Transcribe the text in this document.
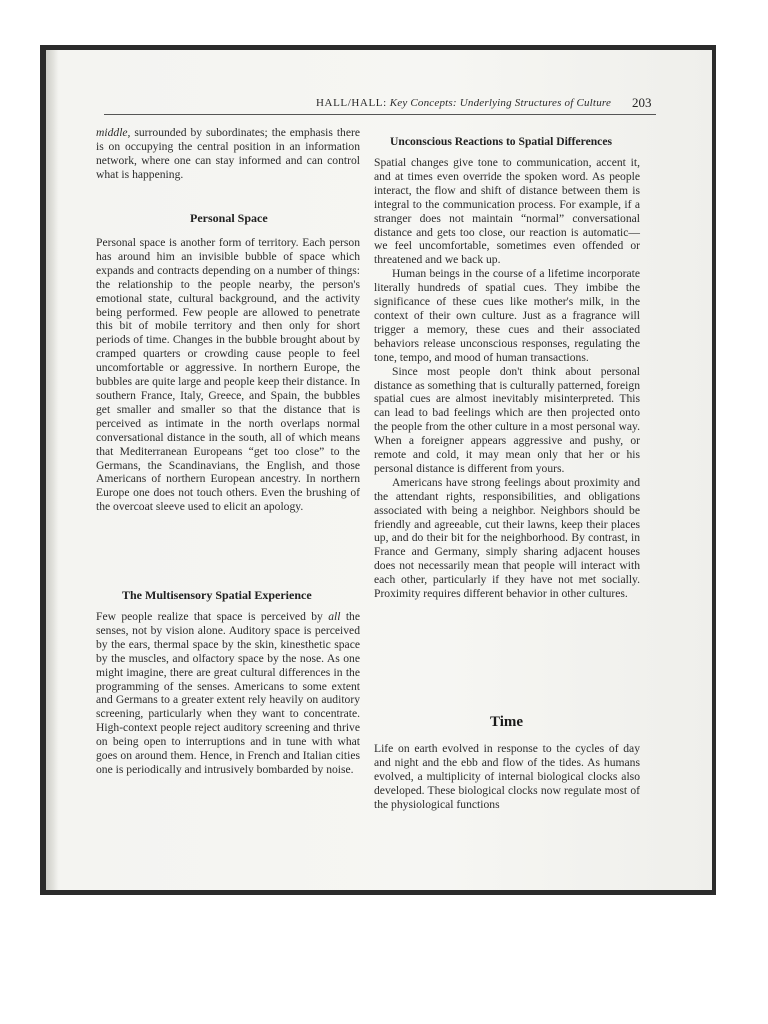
HALL/HALL: Key Concepts: Underlying Structures of Culture 203

middle, surrounded by subordinates; the emphasis there is on occupying the central position in an information network, where one can stay informed and can control what is happening.

Personal Space

Personal space is another form of territory. Each person has around him an invisible bubble of space which expands and contracts depending on a number of things: the relationship to the people nearby, the person's emotional state, cultural background, and the activity being performed. Few people are allowed to penetrate this bit of mobile territory and then only for short periods of time. Changes in the bubble brought about by cramped quarters or crowding cause people to feel uncomfortable or aggressive. In northern Europe, the bubbles are quite large and people keep their distance. In southern France, Italy, Greece, and Spain, the bubbles get smaller and smaller so that the distance that is perceived as intimate in the north overlaps normal conversational distance in the south, all of which means that Mediterranean Europeans “get too close” to the Germans, the Scandinavians, the English, and those Americans of northern European ancestry. In northern Europe one does not touch others. Even the brushing of the overcoat sleeve used to elicit an apology.

The Multisensory Spatial Experience

Few people realize that space is perceived by all the senses, not by vision alone. Auditory space is perceived by the ears, thermal space by the skin, kinesthetic space by the muscles, and olfactory space by the nose. As one might imagine, there are great cultural differences in the programming of the senses. Americans to some extent and Germans to a greater extent rely heavily on auditory screening, particularly when they want to concentrate. High-context people reject auditory screening and thrive on being open to interruptions and in tune with what goes on around them. Hence, in French and Italian cities one is periodically and intrusively bombarded by noise.

Unconscious Reactions to Spatial Differences

Spatial changes give tone to communication, accent it, and at times even override the spoken word. As people interact, the flow and shift of distance between them is integral to the communication process. For example, if a stranger does not maintain “normal” conversational distance and gets too close, our reaction is automatic—we feel uncomfortable, sometimes even offended or threatened and we back up.

Human beings in the course of a lifetime incorporate literally hundreds of spatial cues. They imbibe the significance of these cues like mother's milk, in the context of their own culture. Just as a fragrance will trigger a memory, these cues and their associated behaviors release unconscious responses, regulating the tone, tempo, and mood of human transactions.

Since most people don't think about personal distance as something that is culturally patterned, foreign spatial cues are almost inevitably misinterpreted. This can lead to bad feelings which are then projected onto the people from the other culture in a most personal way. When a foreigner appears aggressive and pushy, or remote and cold, it may mean only that her or his personal distance is different from yours.

Americans have strong feelings about proximity and the attendant rights, responsibilities, and obligations associated with being a neighbor. Neighbors should be friendly and agreeable, cut their lawns, keep their places up, and do their bit for the neighborhood. By contrast, in France and Germany, simply sharing adjacent houses does not necessarily mean that people will interact with each other, particularly if they have not met socially. Proximity requires different behavior in other cultures.

Time

Life on earth evolved in response to the cycles of day and night and the ebb and flow of the tides. As humans evolved, a multiplicity of internal biological clocks also developed. These biological clocks now regulate most of the physiological functions
